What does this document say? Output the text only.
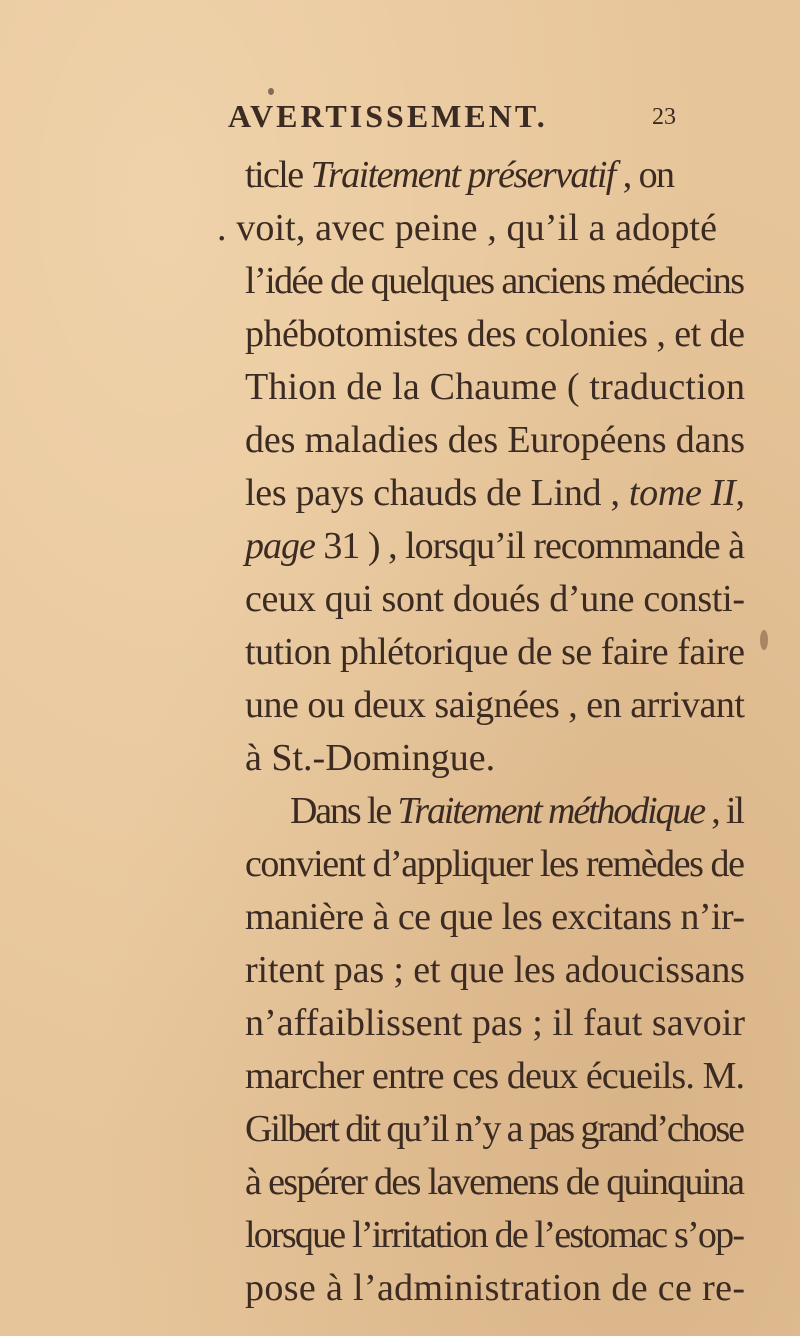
AVERTISSEMENT.	23
ticle Traitement préservatif , on
. voit, avec peine , qu’il a adopté
l’idée de quelques anciens médecins
phébotomistes des colonies , et de
Thion de la Chaume ( traduction
des maladies des Européens dans
les pays chauds de Lind , tome II,
page 31 ) , lorsqu’il recommande à
ceux qui sont doués d’une consti-
tution phlétorique de se faire faire
une ou deux saignées , en arrivant
à St.-Domingue.
Dans le Traitement méthodique , il
convient d’appliquer les remèdes de
manière à ce que les excitans n’ir-
ritent pas ; et que les adoucissans
n’affaiblissent pas ; il faut savoir
marcher entre ces deux écueils. M.
Gilbert dit qu’il n’y a pas grand’chose
à espérer des lavemens de quinquina
lorsque l’irritation de l’estomac s’op-
pose à l’administration de ce re-
